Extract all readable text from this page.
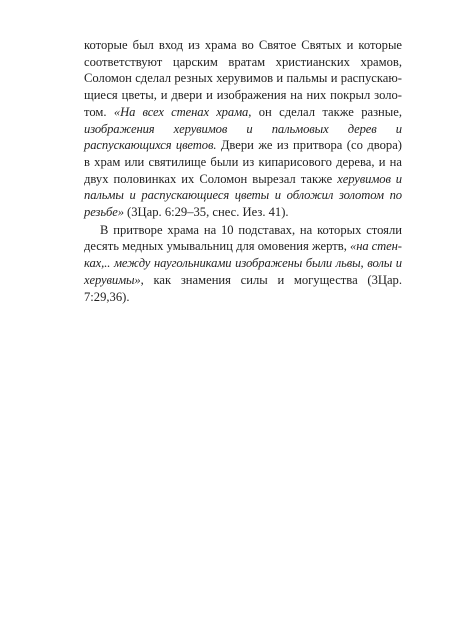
которые был вход из храма во Святое Святых и которые соответствуют царским вратам христианских храмов, Соломон сделал резных херувимов и пальмы и распускающиеся цветы, и двери и изображения на них покрыл золотом. «На всех стенах храма, он сделал также разные, изображения херувимов и пальмовых дерев и распускающихся цветов. Двери же из притвора (со двора) в храм или святилище были из кипарисового дерева, и на двух половинках их Соломон вырезал также херувимов и пальмы и распускающиеся цветы и обложил золотом по резьбе» (3Цар. 6:29–35, снес. Иез. 41).

В притворе храма на 10 подставах, на которых стояли десять медных умывальниц для омовения жертв, «на стенках,.. между наугольниками изображены были львы, волы и херувимы», как знамения силы и могущества (3Цар. 7:29,36).
